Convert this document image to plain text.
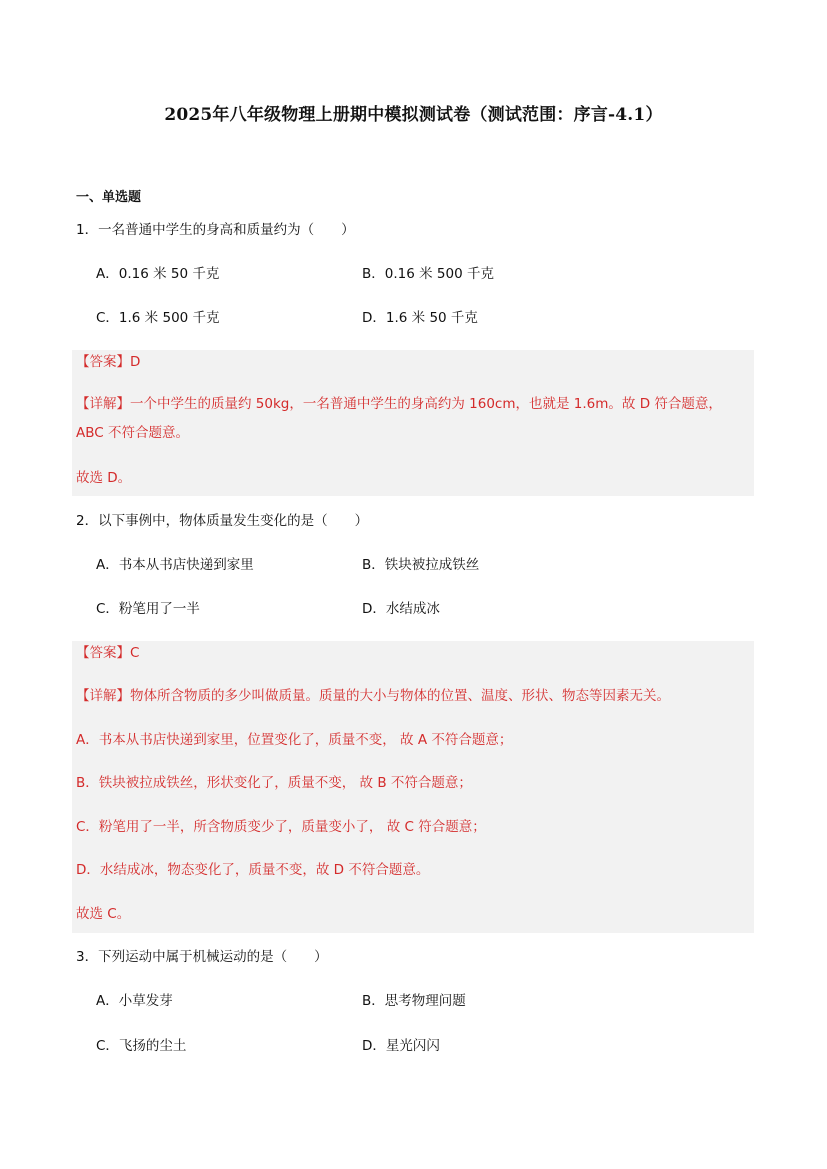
2025年八年级物理上册期中模拟测试卷（测试范围：序言-4.1）
一、单选题
1．一名普通中学生的身高和质量约为（　　）
A．0.16 米 50 千克	B．0.16 米 500 千克
C．1.6 米 500 千克	D．1.6 米 50 千克
【答案】D
【详解】一个中学生的质量约 50kg，一名普通中学生的身高约为 160cm，也就是 1.6m。故 D 符合题意，ABC 不符合题意。
故选 D。
2．以下事例中，物体质量发生变化的是（　　）
A．书本从书店快递到家里	B．铁块被拉成铁丝
C．粉笔用了一半	D．水结成冰
【答案】C
【详解】物体所含物质的多少叫做质量。质量的大小与物体的位置、温度、形状、物态等因素无关。
A．书本从书店快递到家里，位置变化了，质量不变， 故 A 不符合题意；
B．铁块被拉成铁丝，形状变化了，质量不变， 故 B 不符合题意；
C．粉笔用了一半，所含物质变少了，质量变小了， 故 C 符合题意；
D．水结成冰，物态变化了，质量不变，故 D 不符合题意。
故选 C。
3．下列运动中属于机械运动的是（　　）
A．小草发芽	B．思考物理问题
C．飞扬的尘土	D．星光闪闪
